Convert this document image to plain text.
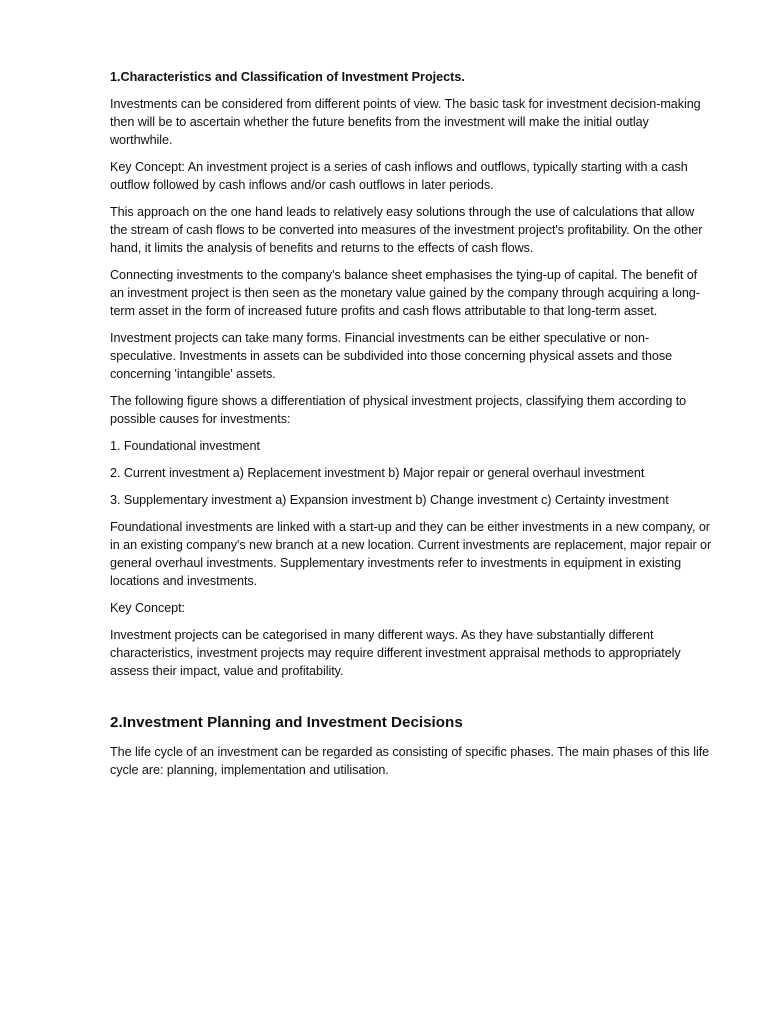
1.Characteristics and Classification of Investment Projects.

Investments can be considered from different points of view. The basic task for investment decision-making then will be to ascertain whether the future benefits from the investment will make the initial outlay worthwhile.

Key Concept: An investment project is a series of cash inflows and outflows, typically starting with a cash outflow followed by cash inflows and/or cash outflows in later periods.

This approach on the one hand leads to relatively easy solutions through the use of calculations that allow the stream of cash flows to be converted into measures of the investment project's profitability. On the other hand, it limits the analysis of benefits and returns to the effects of cash flows.

Connecting investments to the company's balance sheet emphasises the tying-up of capital. The benefit of an investment project is then seen as the monetary value gained by the company through acquiring a long-term asset in the form of increased future profits and cash flows attributable to that long-term asset.

Investment projects can take many forms. Financial investments can be either speculative or non-speculative. Investments in assets can be subdivided into those concerning physical assets and those concerning 'intangible' assets.

The following figure shows a differentiation of physical investment projects, classifying them according to possible causes for investments:

1. Foundational investment

2. Current investment a) Replacement investment b) Major repair or general overhaul investment

3. Supplementary investment a) Expansion investment b) Change investment c) Certainty investment

Foundational investments are linked with a start-up and they can be either investments in a new company, or in an existing company's new branch at a new location. Current investments are replacement, major repair or general overhaul investments. Supplementary investments refer to investments in equipment in existing locations and investments.

Key Concept:

Investment projects can be categorised in many different ways. As they have substantially different characteristics, investment projects may require different investment appraisal methods to appropriately assess their impact, value and profitability.

2.Investment Planning and Investment Decisions

The life cycle of an investment can be regarded as consisting of specific phases. The main phases of this life cycle are: planning, implementation and utilisation.
